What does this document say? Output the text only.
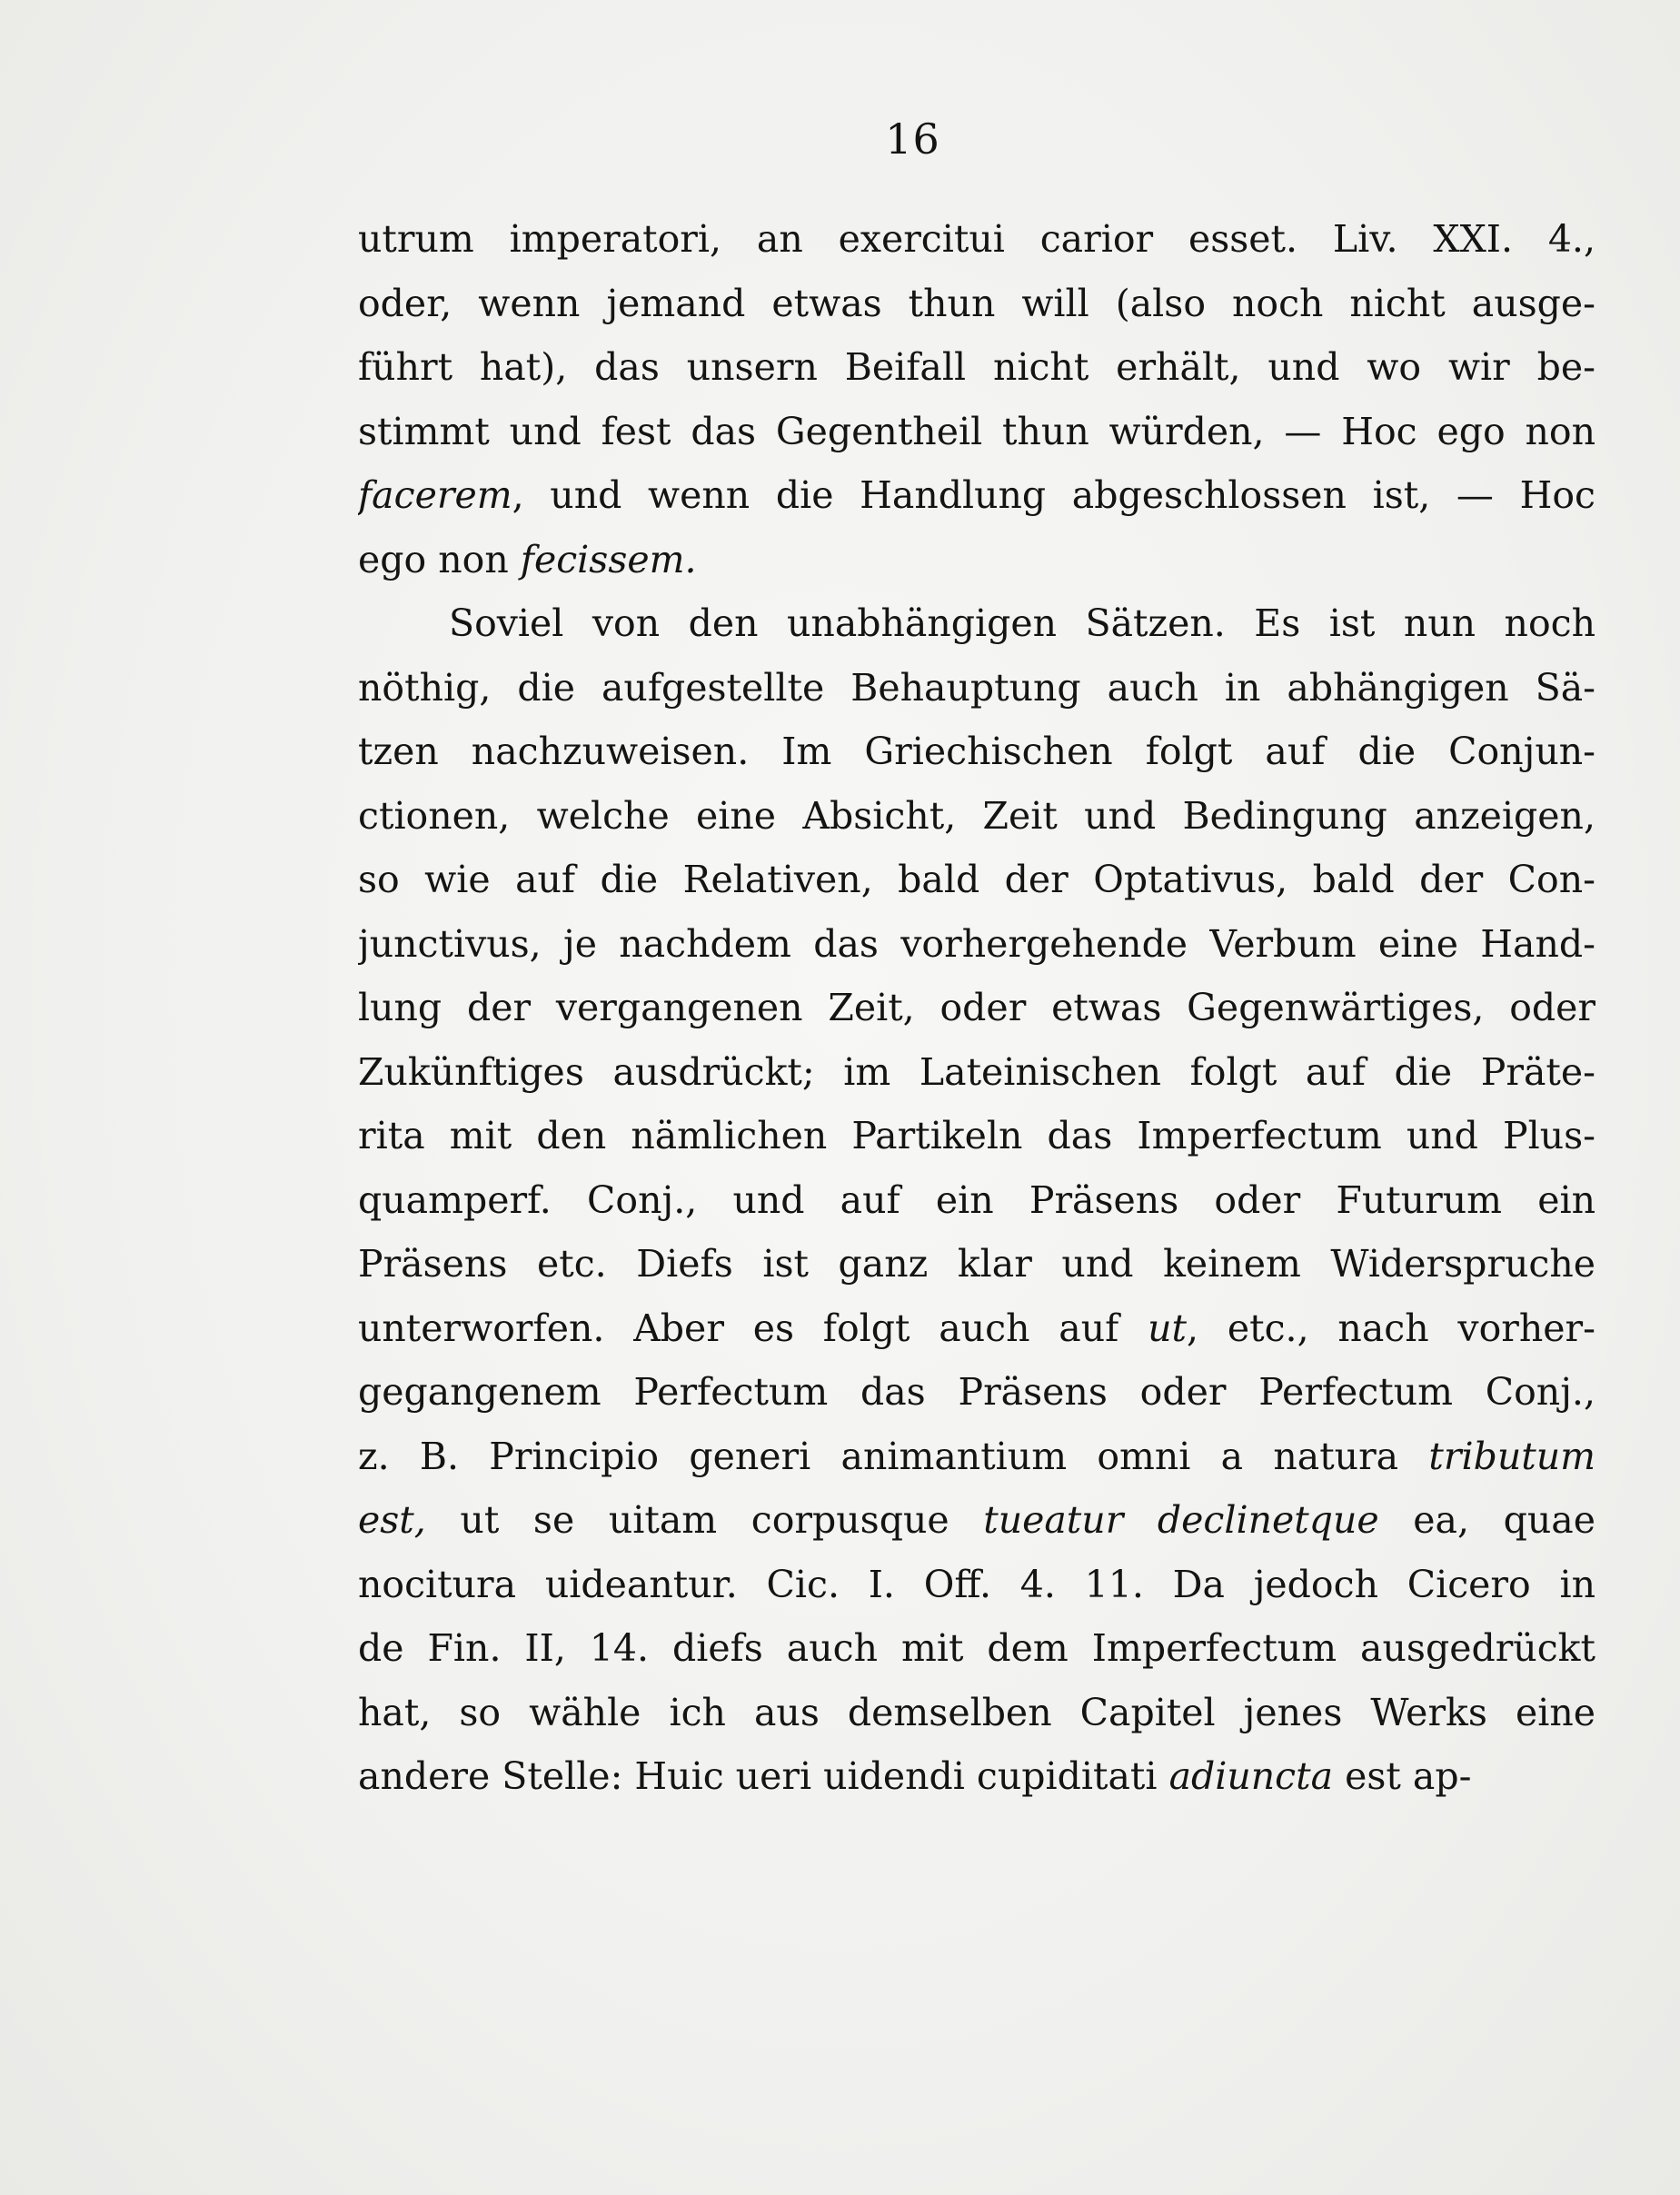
16
utrum imperatori, an exercitui carior esset. Liv. XXI. 4.,
oder, wenn jemand etwas thun will (also noch nicht ausge-
führt hat), das unsern Beifall nicht erhält, und wo wir be-
stimmt und fest das Gegentheil thun würden, — Hoc ego non
facerem, und wenn die Handlung abgeschlossen ist, — Hoc
ego non fecissem.
Soviel von den unabhängigen Sätzen. Es ist nun noch
nöthig, die aufgestellte Behauptung auch in abhängigen Sä-
tzen nachzuweisen. Im Griechischen folgt auf die Conjun-
ctionen, welche eine Absicht, Zeit und Bedingung anzeigen,
so wie auf die Relativen, bald der Optativus, bald der Con-
junctivus, je nachdem das vorhergehende Verbum eine Hand-
lung der vergangenen Zeit, oder etwas Gegenwärtiges, oder
Zukünftiges ausdrückt; im Lateinischen folgt auf die Präte-
rita mit den nämlichen Partikeln das Imperfectum und Plus-
quamperf. Conj., und auf ein Präsens oder Futurum ein
Präsens etc. Diefs ist ganz klar und keinem Widerspruche
unterworfen. Aber es folgt auch auf ut, etc., nach vorher-
gegangenem Perfectum das Präsens oder Perfectum Conj.,
z. B. Principio generi animantium omni a natura tributum
est, ut se uitam corpusque tueatur declinetque ea, quae
nocitura uideantur. Cic. I. Off. 4. 11. Da jedoch Cicero in
de Fin. II, 14. diefs auch mit dem Imperfectum ausgedrückt
hat, so wähle ich aus demselben Capitel jenes Werks eine
andere Stelle: Huic ueri uidendi cupiditati adiuncta est ap-
